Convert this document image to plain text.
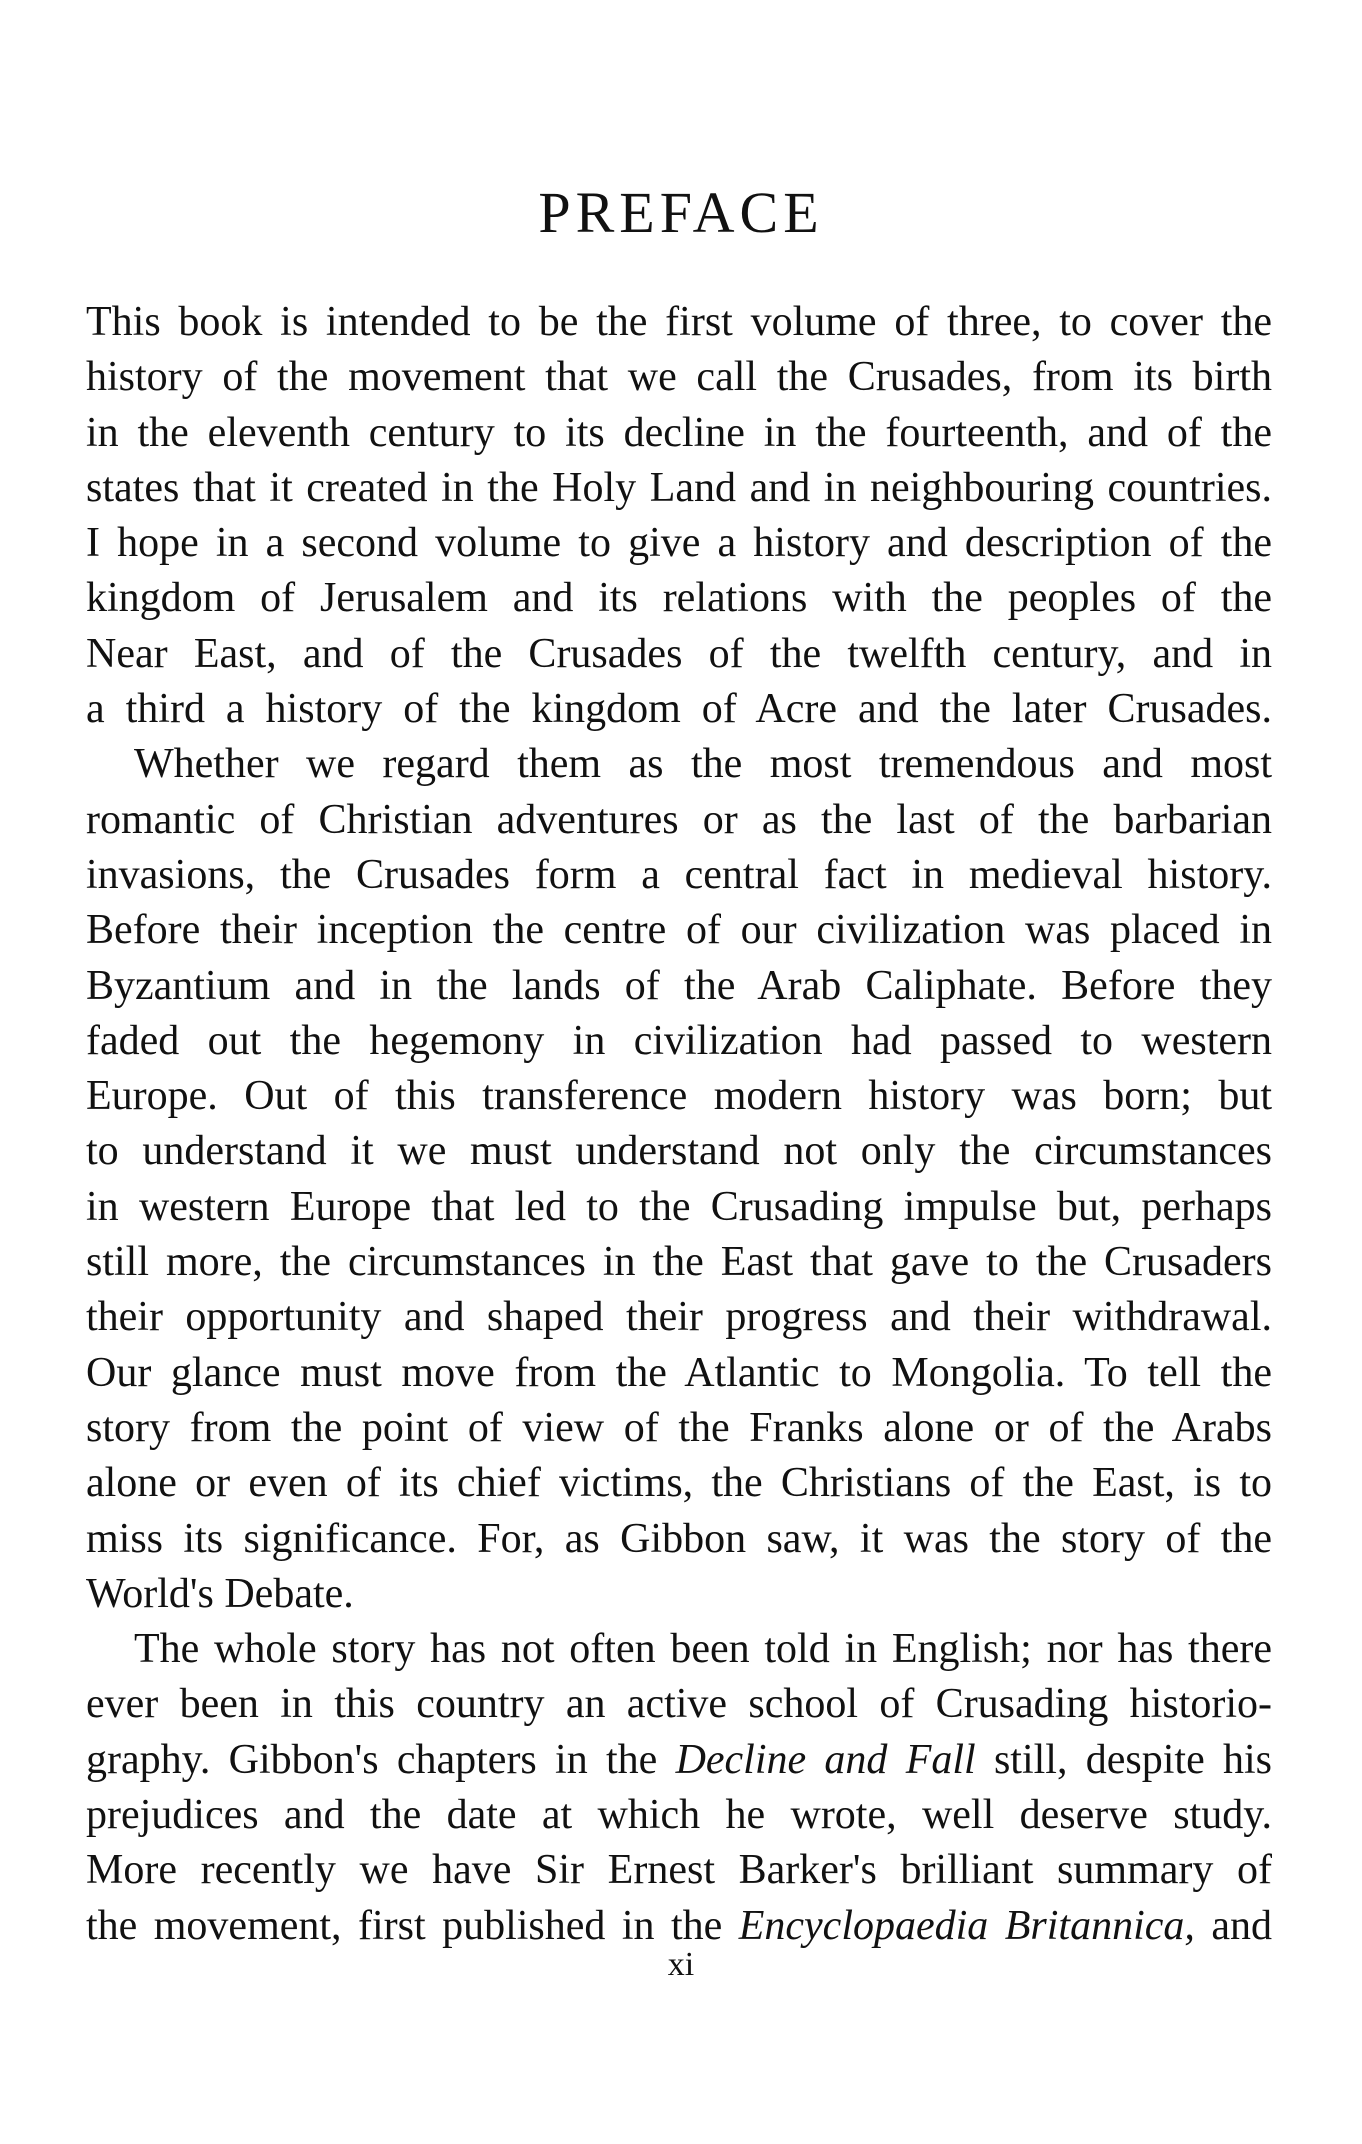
PREFACE
This book is intended to be the first volume of three, to cover the
history of the movement that we call the Crusades, from its birth
in the eleventh century to its decline in the fourteenth, and of the
states that it created in the Holy Land and in neighbouring countries.
I hope in a second volume to give a history and description of the
kingdom of Jerusalem and its relations with the peoples of the
Near East, and of the Crusades of the twelfth century, and in
a third a history of the kingdom of Acre and the later Crusades.
Whether we regard them as the most tremendous and most
romantic of Christian adventures or as the last of the barbarian
invasions, the Crusades form a central fact in medieval history.
Before their inception the centre of our civilization was placed in
Byzantium and in the lands of the Arab Caliphate. Before they
faded out the hegemony in civilization had passed to western
Europe. Out of this transference modern history was born; but
to understand it we must understand not only the circumstances
in western Europe that led to the Crusading impulse but, perhaps
still more, the circumstances in the East that gave to the Crusaders
their opportunity and shaped their progress and their withdrawal.
Our glance must move from the Atlantic to Mongolia. To tell the
story from the point of view of the Franks alone or of the Arabs
alone or even of its chief victims, the Christians of the East, is to
miss its significance. For, as Gibbon saw, it was the story of the
World's Debate.
The whole story has not often been told in English; nor has there
ever been in this country an active school of Crusading historio-
graphy. Gibbon's chapters in the Decline and Fall still, despite his
prejudices and the date at which he wrote, well deserve study.
More recently we have Sir Ernest Barker's brilliant summary of
the movement, first published in the Encyclopaedia Britannica, and
xi
